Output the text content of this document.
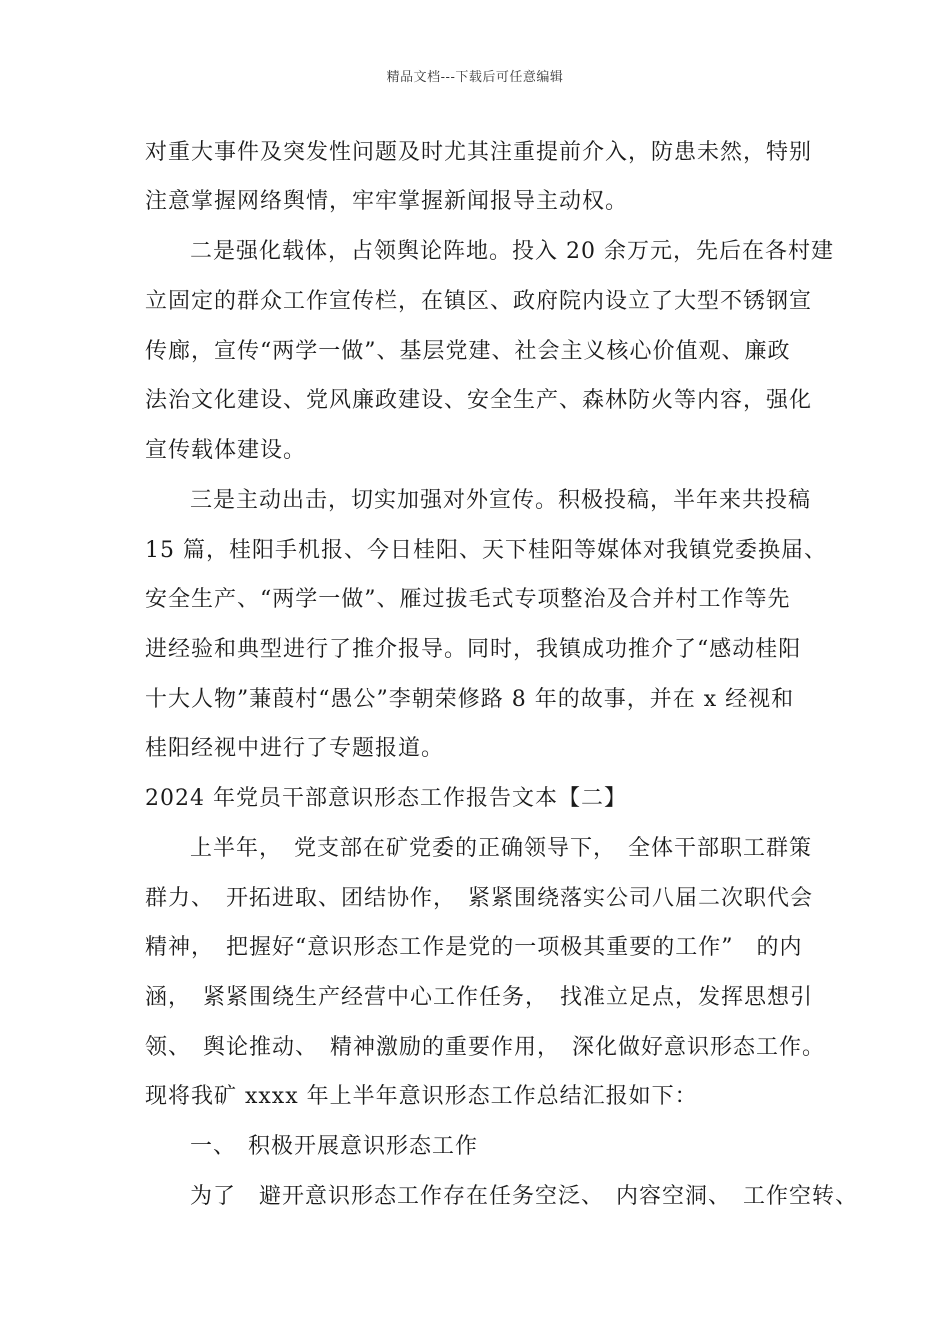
精品文档---下载后可任意编辑
对重大事件及突发性问题及时尤其注重提前介入，防患未然，特别
注意掌握网络舆情，牢牢掌握新闻报导主动权。
二是强化载体，占领舆论阵地。投入 20 余万元，先后在各村建
立固定的群众工作宣传栏，在镇区、政府院内设立了大型不锈钢宣
传廊，宣传“两学一做”、基层党建、社会主义核心价值观、廉政
法治文化建设、党风廉政建设、安全生产、森林防火等内容，强化
宣传载体建设。
三是主动出击，切实加强对外宣传。积极投稿，半年来共投稿
15 篇，桂阳手机报、今日桂阳、天下桂阳等媒体对我镇党委换届、
安全生产、“两学一做”、雁过拔毛式专项整治及合并村工作等先
进经验和典型进行了推介报导。同时，我镇成功推介了“感动桂阳
十大人物”蒹葭村“愚公”李朝荣修路 8 年的故事，并在 x 经视和
桂阳经视中进行了专题报道。
2024 年党员干部意识形态工作报告文本【二】
上半年，　党支部在矿党委的正确领导下，　全体干部职工群策
群力、　开拓进取、团结协作，　紧紧围绕落实公司八届二次职代会
精神，　把握好“意识形态工作是党的一项极其重要的工作”　的内
涵，　紧紧围绕生产经营中心工作任务，　找准立足点，发挥思想引
领、　舆论推动、　精神激励的重要作用，　深化做好意识形态工作。
现将我矿 xxxx 年上半年意识形态工作总结汇报如下：
一、　积极开展意识形态工作
为了　避开意识形态工作存在任务空泛、　内容空洞、　工作空转、
